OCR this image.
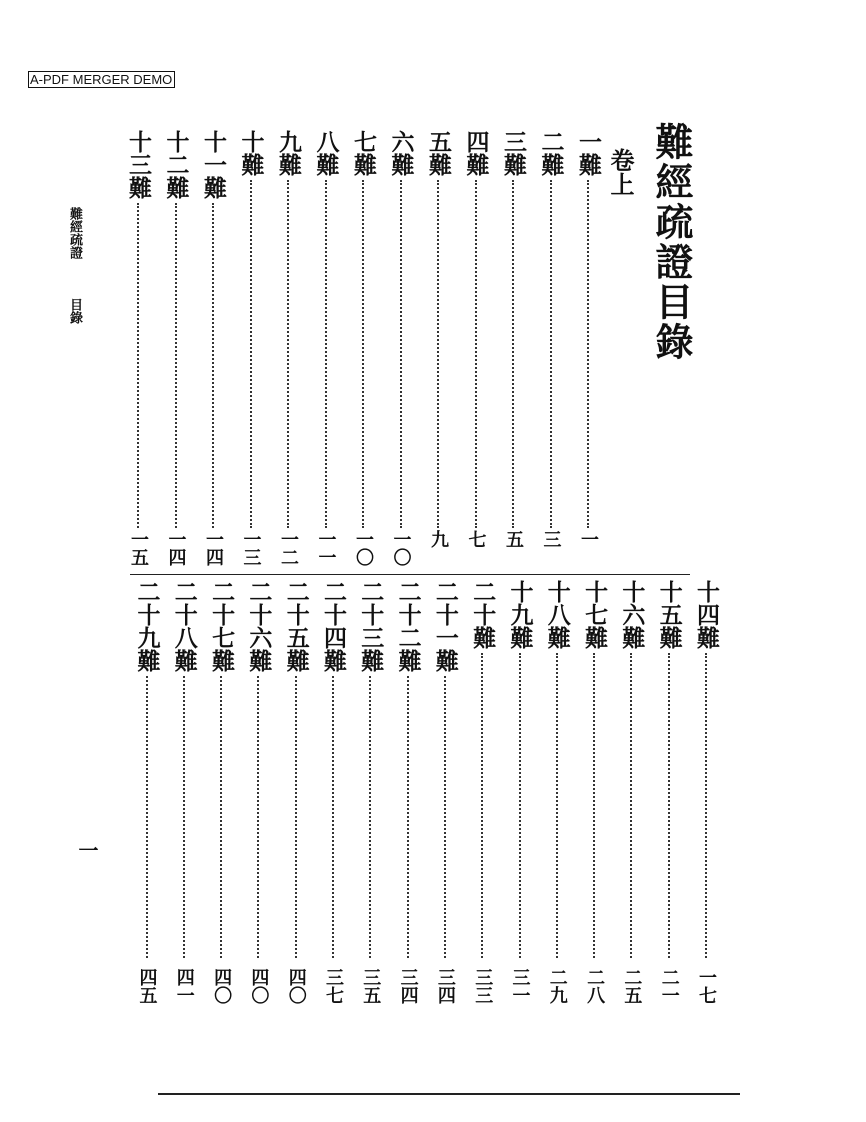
A-PDF MERGER DEMO
難經疏證目錄
卷上
難經疏證  目錄
一
一難
一
二難
三
三難
五
四難
七
五難
九
六難
一〇
七難
一〇
八難
一一
九難
一二
十難
一三
十一難
一四
十二難
一四
十三難
一五
十四難
一七
十五難
二一
十六難
二五
十七難
二八
十八難
二九
十九難
三一
二十難
三三
二十一難
三四
二十二難
三四
二十三難
三五
二十四難
三七
二十五難
四〇
二十六難
四〇
二十七難
四〇
二十八難
四一
二十九難
四五
